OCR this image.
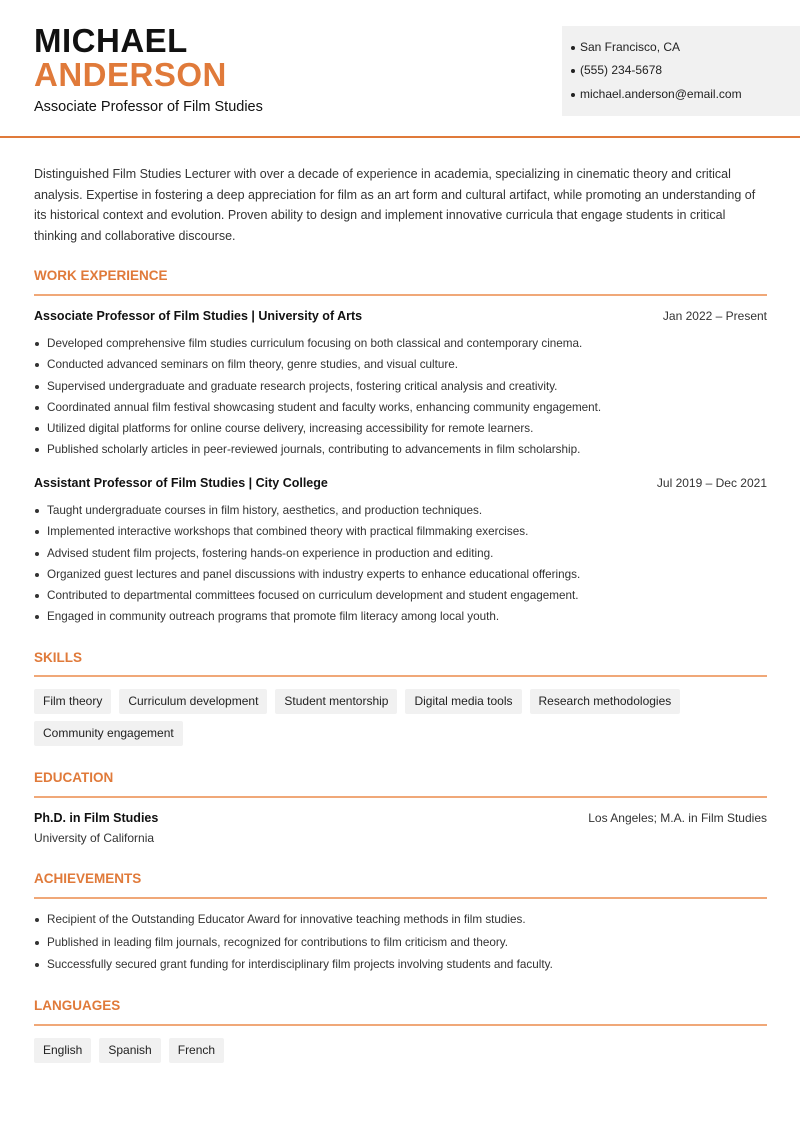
MICHAEL
ANDERSON
Associate Professor of Film Studies
San Francisco, CA
(555) 234-5678
michael.anderson@email.com
Distinguished Film Studies Lecturer with over a decade of experience in academia, specializing in cinematic theory and critical analysis. Expertise in fostering a deep appreciation for film as an art form and cultural artifact, while promoting an understanding of its historical context and evolution. Proven ability to design and implement innovative curricula that engage students in critical thinking and collaborative discourse.
WORK EXPERIENCE
Associate Professor of Film Studies | University of Arts	Jan 2022 – Present
Developed comprehensive film studies curriculum focusing on both classical and contemporary cinema.
Conducted advanced seminars on film theory, genre studies, and visual culture.
Supervised undergraduate and graduate research projects, fostering critical analysis and creativity.
Coordinated annual film festival showcasing student and faculty works, enhancing community engagement.
Utilized digital platforms for online course delivery, increasing accessibility for remote learners.
Published scholarly articles in peer-reviewed journals, contributing to advancements in film scholarship.
Assistant Professor of Film Studies | City College	Jul 2019 – Dec 2021
Taught undergraduate courses in film history, aesthetics, and production techniques.
Implemented interactive workshops that combined theory with practical filmmaking exercises.
Advised student film projects, fostering hands-on experience in production and editing.
Organized guest lectures and panel discussions with industry experts to enhance educational offerings.
Contributed to departmental committees focused on curriculum development and student engagement.
Engaged in community outreach programs that promote film literacy among local youth.
SKILLS
Film theory Curriculum development Student mentorship Digital media tools Research methodologiesCommunity engagement
EDUCATION
Ph.D. in Film Studies
University of California
Los Angeles; M.A. in Film Studies
ACHIEVEMENTS
Recipient of the Outstanding Educator Award for innovative teaching methods in film studies.
Published in leading film journals, recognized for contributions to film criticism and theory.
Successfully secured grant funding for interdisciplinary film projects involving students and faculty.
LANGUAGES
English Spanish French
